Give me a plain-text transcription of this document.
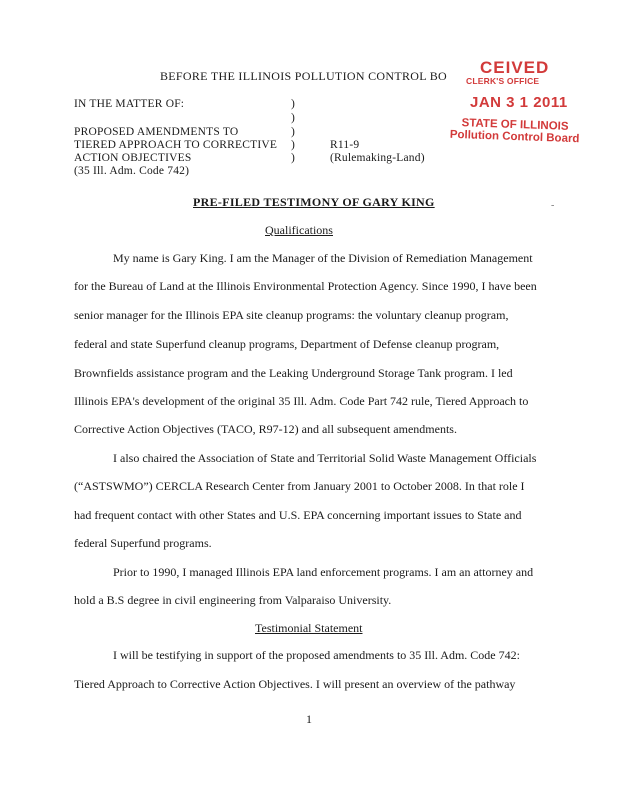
BEFORE THE ILLINOIS POLLUTION CONTROL BO CEIVED
CLERK'S OFFICE
JAN 3 1 2011
STATE OF ILLINOIS
Pollution Control Board
IN THE MATTER OF:
PROPOSED AMENDMENTS TO
TIERED APPROACH TO CORRECTIVE
ACTION OBJECTIVES
(35 Ill. Adm. Code 742)
)
)
)
)
)
R11-9
(Rulemaking-Land)
PRE-FILED TESTIMONY OF GARY KING	-
Qualifications
My name is Gary King. I am the Manager of the Division of Remediation Management
for the Bureau of Land at the Illinois Environmental Protection Agency. Since 1990, I have been
senior manager for the Illinois EPA site cleanup programs: the voluntary cleanup program,
federal and state Superfund cleanup programs, Department of Defense cleanup program,
Brownfields assistance program and the Leaking Underground Storage Tank program. I led
Illinois EPA's development of the original 35 Ill. Adm. Code Part 742 rule, Tiered Approach to
Corrective Action Objectives (TACO, R97-12) and all subsequent amendments.
I also chaired the Association of State and Territorial Solid Waste Management Officials
(“ASTSWMO”) CERCLA Research Center from January 2001 to October 2008. In that role I
had frequent contact with other States and U.S. EPA concerning important issues to State and
federal Superfund programs.
Prior to 1990, I managed Illinois EPA land enforcement programs. I am an attorney and
hold a B.S degree in civil engineering from Valparaiso University.
Testimonial Statement
I will be testifying in support of the proposed amendments to 35 Ill. Adm. Code 742:
Tiered Approach to Corrective Action Objectives. I will present an overview of the pathway
1
